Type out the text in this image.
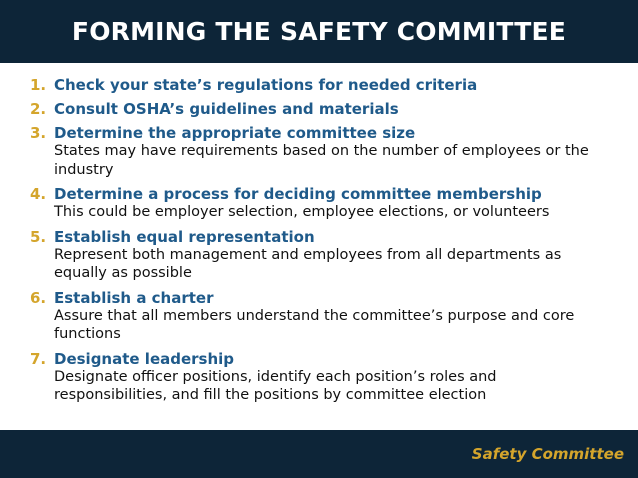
FORMING THE SAFETY COMMITTEE
1. Check your state’s regulations for needed criteria
2. Consult OSHA’s guidelines and materials
3. Determine the appropriate committee size
States may have requirements based on the number of employees or the industry
4. Determine a process for deciding committee membership
This could be employer selection, employee elections, or volunteers
5. Establish equal representation
Represent both management and employees from all departments as equally as possible
6. Establish a charter
Assure that all members understand the committee’s purpose and core functions
7. Designate leadership
Designate officer positions, identify each position’s roles and responsibilities, and fill the positions by committee election
Safety Committee
